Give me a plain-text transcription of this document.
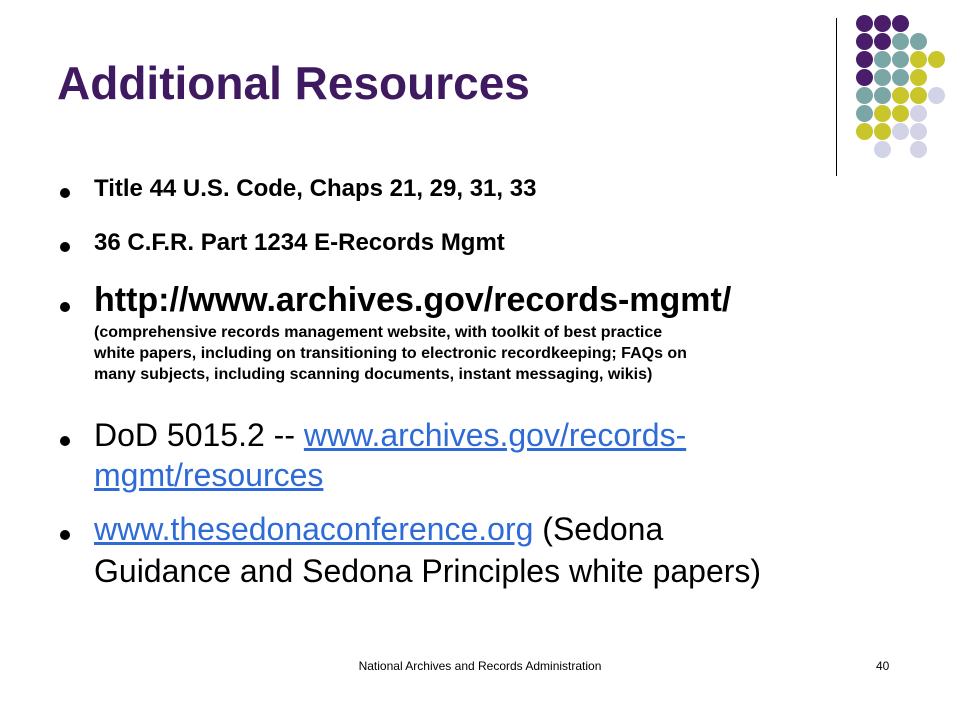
Additional Resources
Title 44 U.S. Code, Chaps 21, 29, 31, 33
36 C.F.R. Part 1234 E-Records Mgmt
http://www.archives.gov/records-mgmt/
(comprehensive records management website, with toolkit of best practice
white papers, including on transitioning to electronic recordkeeping; FAQs on
many subjects, including scanning documents, instant messaging, wikis)
DoD 5015.2 -- www.archives.gov/records-
mgmt/resources
www.thesedonaconference.org (Sedona
Guidance and Sedona Principles white papers)
National Archives and Records Administration	40
